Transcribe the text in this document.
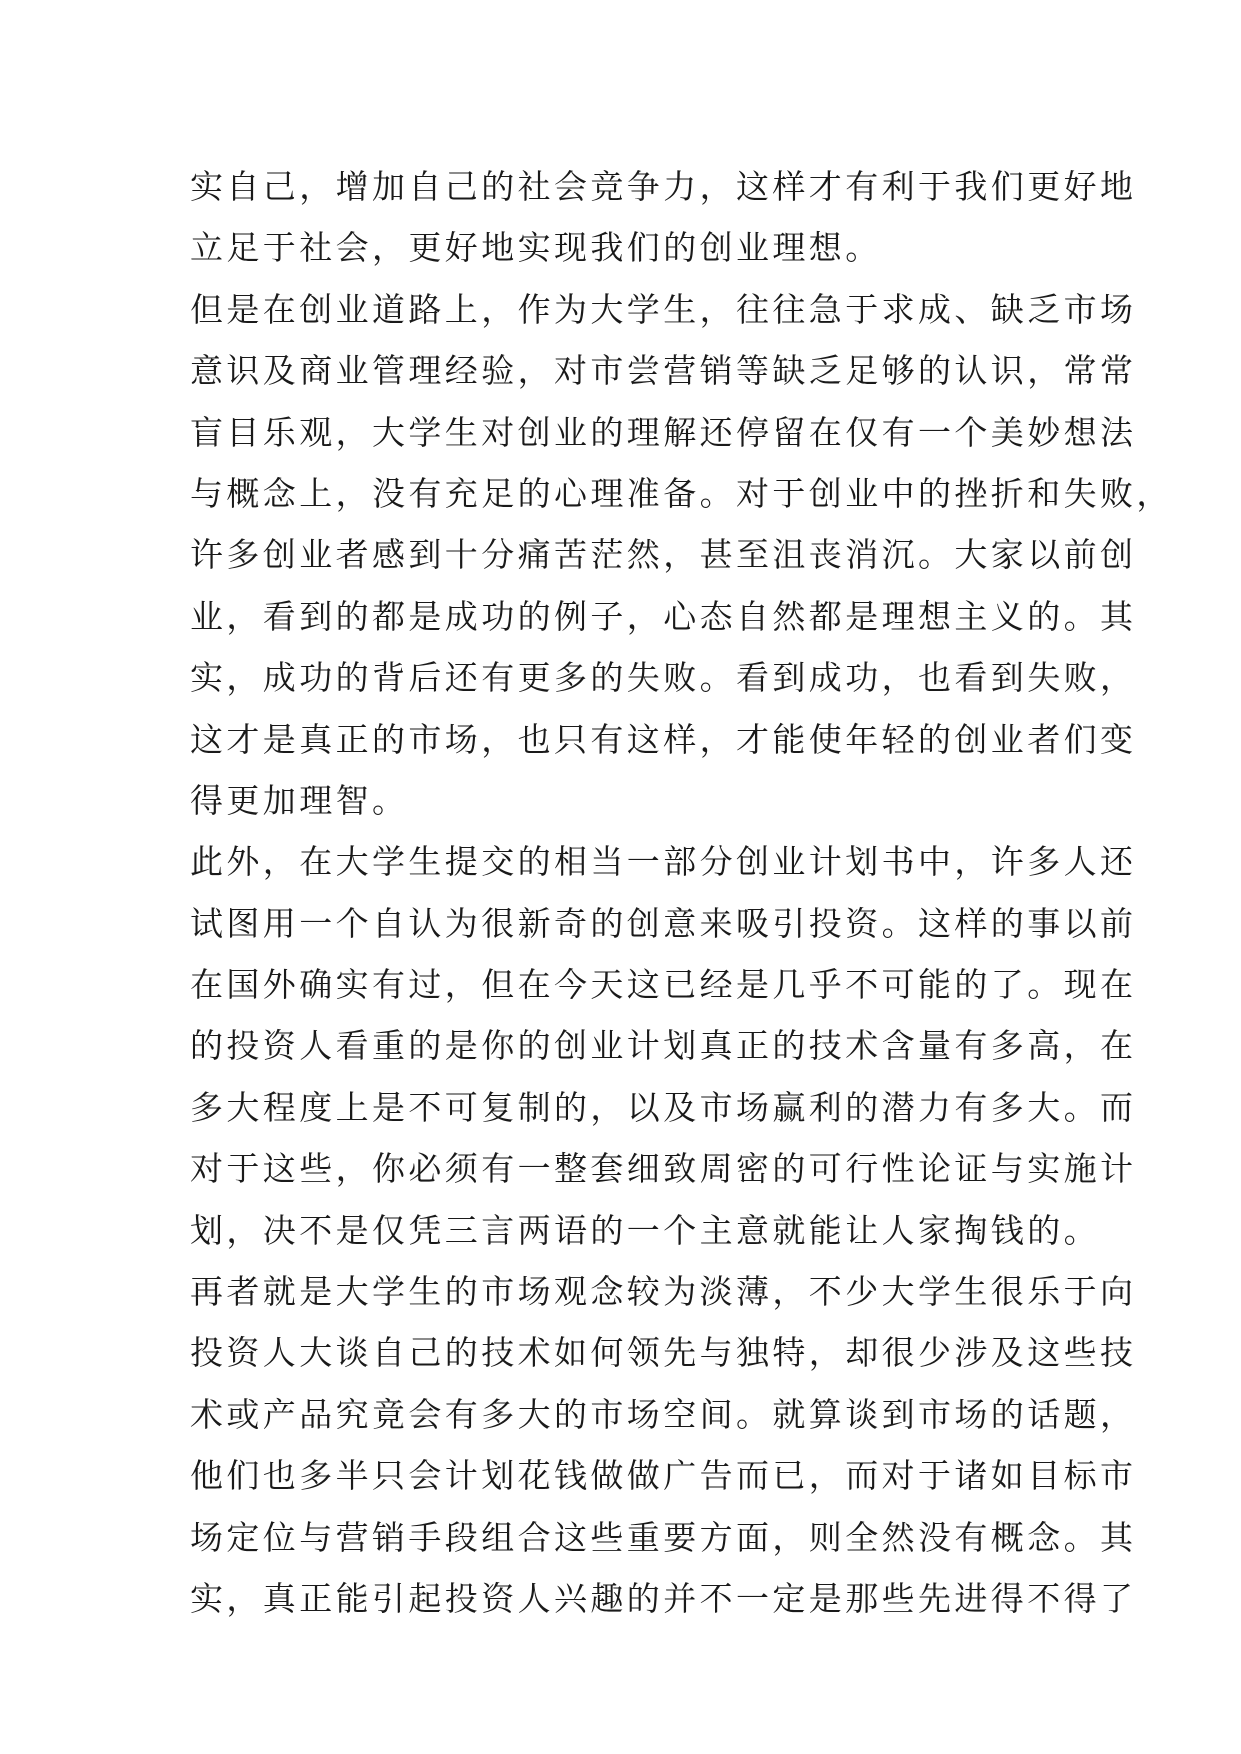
实自己，增加自己的社会竞争力，这样才有利于我们更好地
立足于社会，更好地实现我们的创业理想。
但是在创业道路上，作为大学生，往往急于求成、缺乏市场
意识及商业管理经验，对市尝营销等缺乏足够的认识，常常
盲目乐观，大学生对创业的理解还停留在仅有一个美妙想法
与概念上，没有充足的心理准备。对于创业中的挫折和失败，
许多创业者感到十分痛苦茫然，甚至沮丧消沉。大家以前创
业，看到的都是成功的例子，心态自然都是理想主义的。其
实，成功的背后还有更多的失败。看到成功，也看到失败，
这才是真正的市场，也只有这样，才能使年轻的创业者们变
得更加理智。
此外，在大学生提交的相当一部分创业计划书中，许多人还
试图用一个自认为很新奇的创意来吸引投资。这样的事以前
在国外确实有过，但在今天这已经是几乎不可能的了。现在
的投资人看重的是你的创业计划真正的技术含量有多高，在
多大程度上是不可复制的，以及市场赢利的潜力有多大。而
对于这些，你必须有一整套细致周密的可行性论证与实施计
划，决不是仅凭三言两语的一个主意就能让人家掏钱的。
再者就是大学生的市场观念较为淡薄，不少大学生很乐于向
投资人大谈自己的技术如何领先与独特，却很少涉及这些技
术或产品究竟会有多大的市场空间。就算谈到市场的话题，
他们也多半只会计划花钱做做广告而已，而对于诸如目标市
场定位与营销手段组合这些重要方面，则全然没有概念。其
实，真正能引起投资人兴趣的并不一定是那些先进得不得了
